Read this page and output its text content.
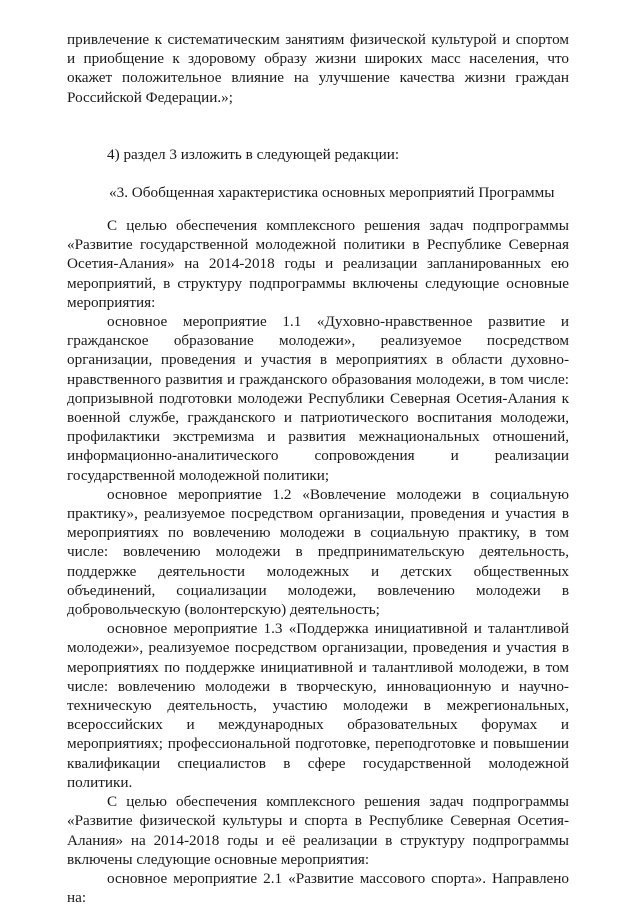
привлечение к систематическим занятиям физической культурой и спортом и приобщение к здоровому образу жизни широких масс населения, что окажет положительное влияние на улучшение качества жизни граждан Российской Федерации.»;

4) раздел 3 изложить в следующей редакции:

«3. Обобщенная характеристика основных мероприятий Программы

С целью обеспечения комплексного решения задач подпрограммы «Развитие государственной молодежной политики в Республике Северная Осетия-Алания» на 2014-2018 годы и реализации запланированных ею мероприятий, в структуру подпрограммы включены следующие основные мероприятия:

основное мероприятие 1.1 «Духовно-нравственное развитие и гражданское образование молодежи», реализуемое посредством организации, проведения и участия в мероприятиях в области духовно-нравственного развития и гражданского образования молодежи, в том числе: допризывной подготовки молодежи Республики Северная Осетия-Алания к военной службе, гражданского и патриотического воспитания молодежи, профилактики экстремизма и развития межнациональных отношений, информационно-аналитического сопровождения и реализации государственной молодежной политики;

основное мероприятие 1.2 «Вовлечение молодежи в социальную практику», реализуемое посредством организации, проведения и участия в мероприятиях по вовлечению молодежи в социальную практику, в том числе: вовлечению молодежи в предпринимательскую деятельность, поддержке деятельности молодежных и детских общественных объединений, социализации молодежи, вовлечению молодежи в добровольческую (волонтерскую) деятельность;

основное мероприятие 1.3 «Поддержка инициативной и талантливой молодежи», реализуемое посредством организации, проведения и участия в мероприятиях по поддержке инициативной и талантливой молодежи, в том числе: вовлечению молодежи в творческую, инновационную и научно-техническую деятельность, участию молодежи в межрегиональных, всероссийских и международных образовательных форумах и мероприятиях; профессиональной подготовке, переподготовке и повышении квалификации специалистов в сфере государственной молодежной политики.

С целью обеспечения комплексного решения задач подпрограммы «Развитие физической культуры и спорта в Республике Северная Осетия-Алания» на 2014-2018 годы и её реализации в структуру подпрограммы включены следующие основные мероприятия:

основное мероприятие 2.1 «Развитие массового спорта». Направлено на:
